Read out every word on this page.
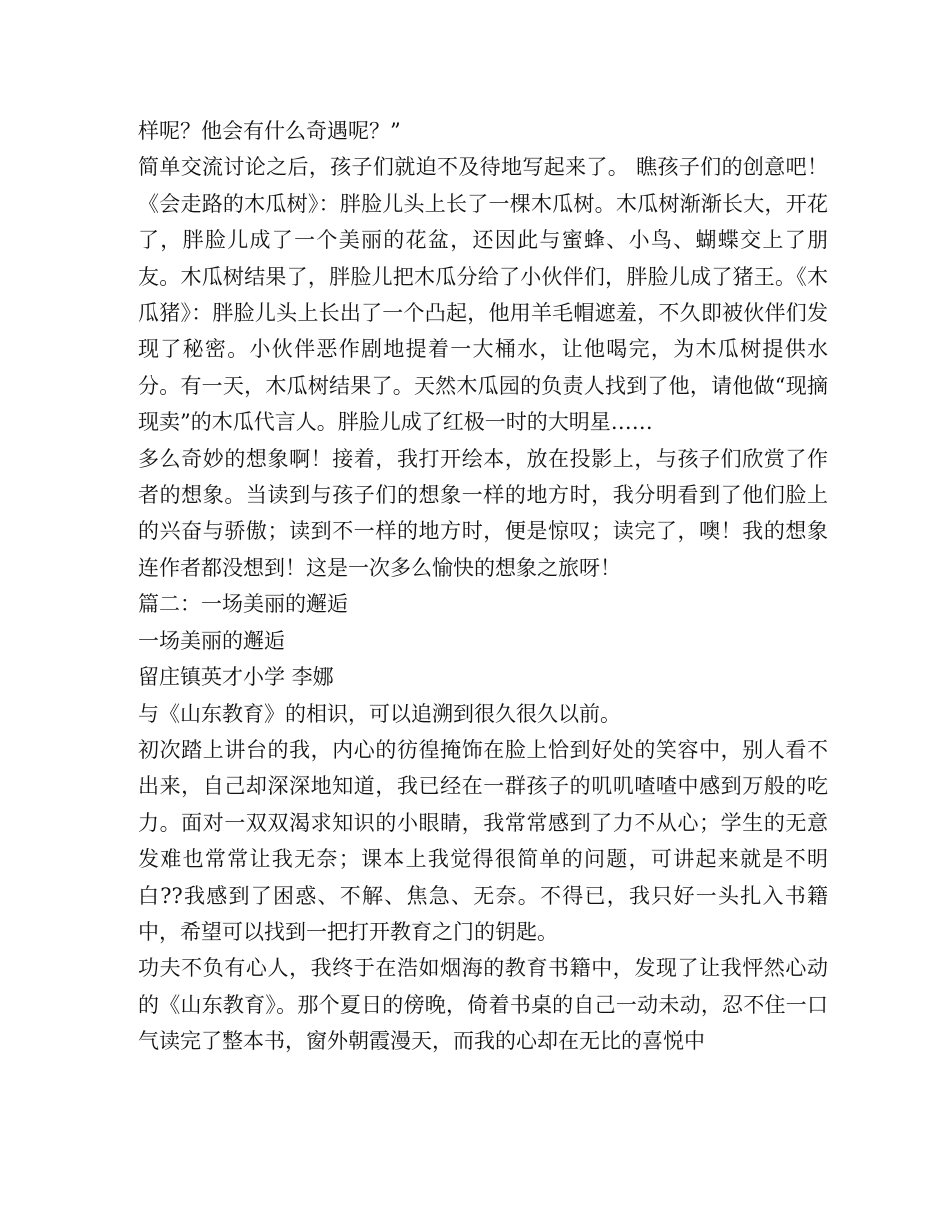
样呢？他会有什么奇遇呢？”

简单交流讨论之后，孩子们就迫不及待地写起来了。 瞧孩子们的创意吧！《会走路的木瓜树》：胖脸儿头上长了一棵木瓜树。木瓜树渐渐长大，开花了，胖脸儿成了一个美丽的花盆，还因此与蜜蜂、小鸟、蝴蝶交上了朋友。木瓜树结果了，胖脸儿把木瓜分给了小伙伴们，胖脸儿成了猪王。《木瓜猪》：胖脸儿头上长出了一个凸起，他用羊毛帽遮羞，不久即被伙伴们发现了秘密。小伙伴恶作剧地提着一大桶水，让他喝完，为木瓜树提供水分。有一天，木瓜树结果了。天然木瓜园的负责人找到了他，请他做“现摘现卖”的木瓜代言人。胖脸儿成了红极一时的大明星……

多么奇妙的想象啊！接着，我打开绘本，放在投影上，与孩子们欣赏了作者的想象。当读到与孩子们的想象一样的地方时，我分明看到了他们脸上的兴奋与骄傲；读到不一样的地方时，便是惊叹；读完了，噢！我的想象连作者都没想到！这是一次多么愉快的想象之旅呀！

篇二：一场美丽的邂逅

一场美丽的邂逅

留庄镇英才小学 李娜

与《山东教育》的相识，可以追溯到很久很久以前。

初次踏上讲台的我，内心的彷徨掩饰在脸上恰到好处的笑容中，别人看不出来，自己却深深地知道，我已经在一群孩子的叽叽喳喳中感到万般的吃力。面对一双双渴求知识的小眼睛，我常常感到了力不从心；学生的无意发难也常常让我无奈；课本上我觉得很简单的问题，可讲起来就是不明白??我感到了困惑、不解、焦急、无奈。不得已，我只好一头扎入书籍中，希望可以找到一把打开教育之门的钥匙。

功夫不负有心人，我终于在浩如烟海的教育书籍中，发现了让我怦然心动的《山东教育》。那个夏日的傍晚，倚着书桌的自己一动未动，忍不住一口气读完了整本书，窗外朝霞漫天，而我的心却在无比的喜悦中
